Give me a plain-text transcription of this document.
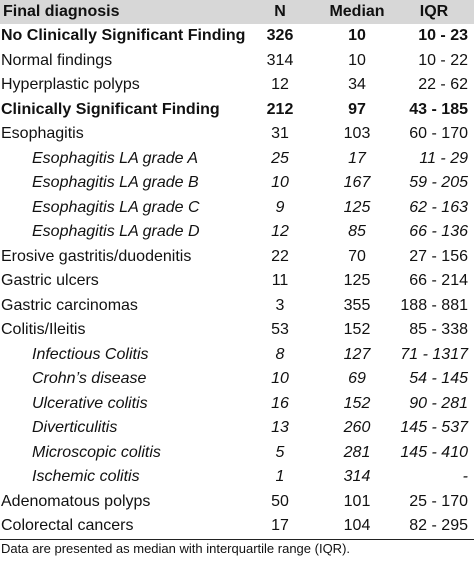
Final diagnosis	N	Median	IQR
No Clinically Significant Finding	326	10	10 - 23
Normal findings	314	10	10 - 22
Hyperplastic polyps	12	34	22 - 62
Clinically Significant Finding	212	97	43 - 185
Esophagitis	31	103	60 - 170
Esophagitis LA grade A	25	17	11 - 29
Esophagitis LA grade B	10	167	59 - 205
Esophagitis LA grade C	9	125	62 - 163
Esophagitis LA grade D	12	85	66 - 136
Erosive gastritis/duodenitis	22	70	27 - 156
Gastric ulcers	11	125	66 - 214
Gastric carcinomas	3	355	188 - 881
Colitis/Ileitis	53	152	85 - 338
Infectious Colitis	8	127	71 - 1317
Crohn’s disease	10	69	54 - 145
Ulcerative colitis	16	152	90 - 281
Diverticulitis	13	260	145 - 537
Microscopic colitis	5	281	145 - 410
Ischemic colitis	1	314	-
Adenomatous polyps	50	101	25 - 170
Colorectal cancers	17	104	82 - 295
Data are presented as median with interquartile range (IQR).
